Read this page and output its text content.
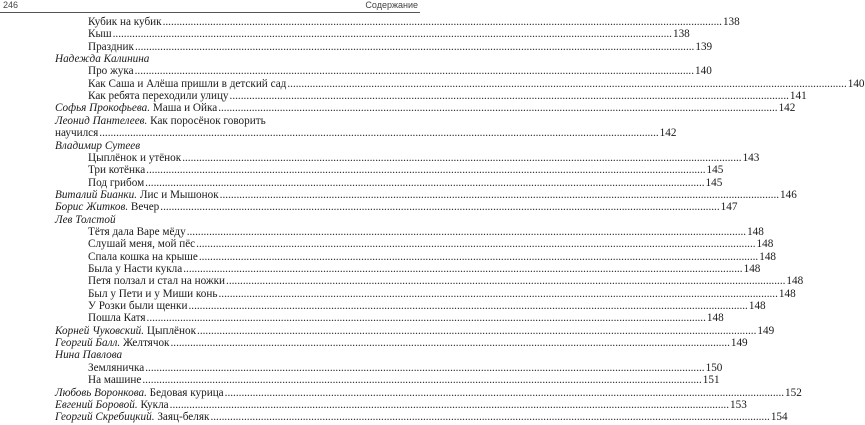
246	Содержание
Кубик на кубик ........................................................................................................................................................................................................ 138
Кыш ........................................................................................................................................................................................................ 138
Праздник ........................................................................................................................................................................................................ 139
Надежда Калинина
Про жука ........................................................................................................................................................................................................ 140
Как Саша и Алёша пришли в детский сад ........................................................................................................................................................................................................ 140
Как ребята переходили улицу ........................................................................................................................................................................................................ 141
Софья Прокофьева. Маша и Ойка ........................................................................................................................................................................................................ 142
Леонид Пантелеев. Как поросёнок говорить
научился ........................................................................................................................................................................................................ 142
Владимир Сутеев
Цыплёнок и утёнок ........................................................................................................................................................................................................ 143
Три котёнка ........................................................................................................................................................................................................ 145
Под грибом ........................................................................................................................................................................................................ 145
Виталий Бианки. Лис и Мышонок ........................................................................................................................................................................................................ 146
Борис Житков. Вечер ........................................................................................................................................................................................................ 147
Лев Толстой
Тётя дала Варе мёду ........................................................................................................................................................................................................ 148
Слушай меня, мой пёс ........................................................................................................................................................................................................ 148
Спала кошка на крыше ........................................................................................................................................................................................................ 148
Была у Насти кукла ........................................................................................................................................................................................................ 148
Петя ползал и стал на ножки ........................................................................................................................................................................................................ 148
Был у Пети и у Миши конь ........................................................................................................................................................................................................ 148
У Розки были щенки ........................................................................................................................................................................................................ 148
Пошла Катя ........................................................................................................................................................................................................ 148
Корней Чуковский. Цыплёнок ........................................................................................................................................................................................................ 149
Георгий Балл. Желтячок ........................................................................................................................................................................................................ 149
Нина Павлова
Земляничка ........................................................................................................................................................................................................ 150
На машине ........................................................................................................................................................................................................ 151
Любовь Воронкова. Бедовая курица ........................................................................................................................................................................................................ 152
Евгений Боровой. Кукла ........................................................................................................................................................................................................ 153
Георгий Скребицкий. Заяц-беляк ........................................................................................................................................................................................................ 154
